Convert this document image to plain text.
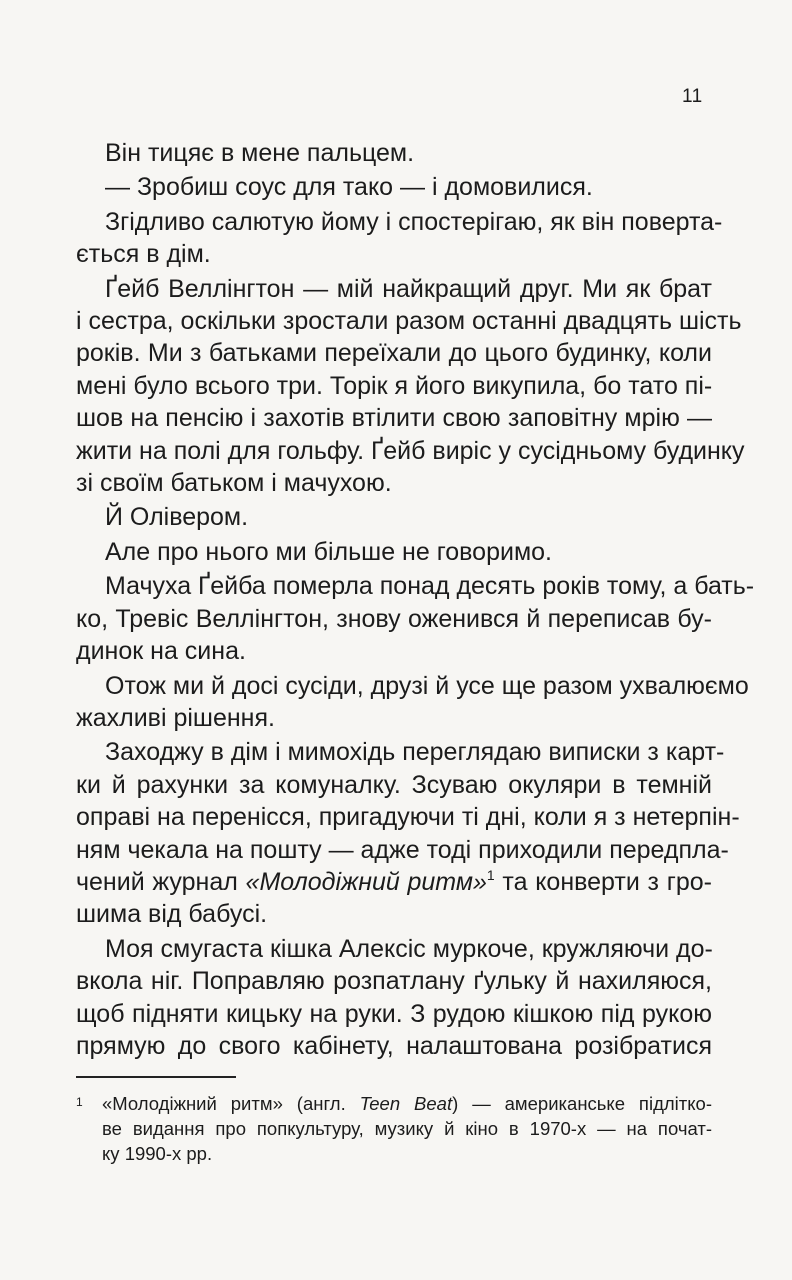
11
Він тицяє в мене пальцем.
— Зробиш соус для тако — і домовилися.
Згідливо салютую йому і спостерігаю, як він поверта-
ється в дім.
Ґейб Веллінгтон — мій найкращий друг. Ми як брат
і сестра, оскільки зростали разом останні двадцять шість
років. Ми з батьками переїхали до цього будинку, коли
мені було всього три. Торік я його викупила, бо тато пі-
шов на пенсію і захотів втілити свою заповітну мрію —
жити на полі для гольфу. Ґейб виріс у сусідньому будинку
зі своїм батьком і мачухою.
Й Олівером.
Але про нього ми більше не говоримо.
Мачуха Ґейба померла понад десять років тому, а бать-
ко, Тревіс Веллінгтон, знову оженився й переписав бу-
динок на сина.
Отож ми й досі сусіди, друзі й усе ще разом ухвалюємо
жахливі рішення.
Заходжу в дім і мимохідь переглядаю виписки з карт-
ки й рахунки за комуналку. Зсуваю окуляри в темній
оправі на перенісся, пригадуючи ті дні, коли я з нетерпін-
ням чекала на пошту — адже тоді приходили передпла-
чений журнал «Молодіжний ритм»$^1$ та конверти з гро-
шима від бабусі.
Моя смугаста кішка Алексіс муркоче, кружляючи до-
вкола ніг. Поправляю розпатлану ґульку й нахиляюся,
щоб підняти кицьку на руки. З рудою кішкою під рукою
прямую до свого кабінету, налаштована розібратися
1 «Молодіжний ритм» (англ. Teen Beat) — американське підлітко-
ве видання про попкультуру, музику й кіно в 1970-х — на почат-
ку 1990-х рр.
